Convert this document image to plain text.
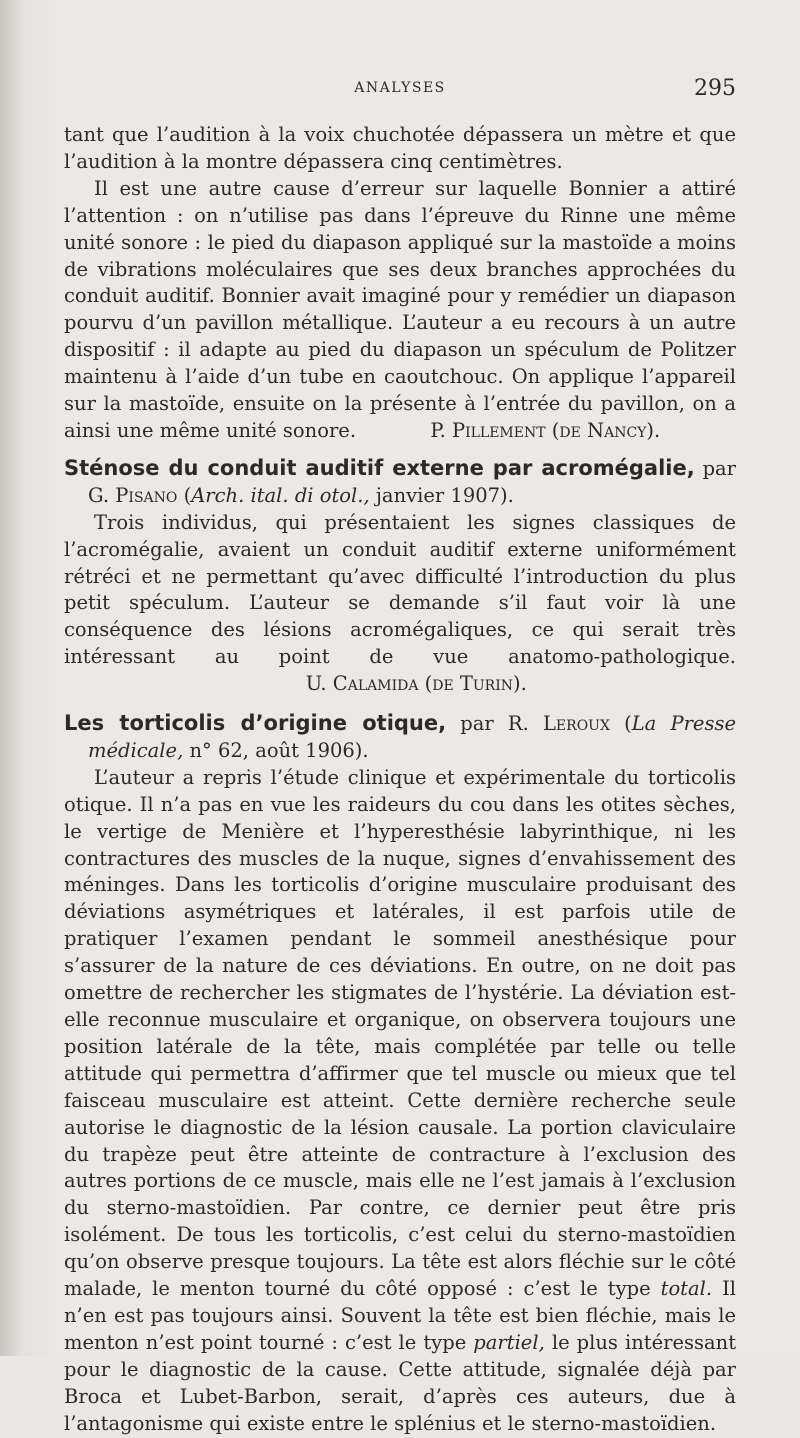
ANALYSES	295

tant que l’audition à la voix chuchotée dépassera un mètre et que l’audition à la montre dépassera cinq centimètres.

Il est une autre cause d’erreur sur laquelle Bonnier a attiré l’attention : on n’utilise pas dans l’épreuve du Rinne une même unité sonore : le pied du diapason appliqué sur la mastoïde a moins de vibrations moléculaires que ses deux branches approchées du conduit auditif. Bonnier avait imaginé pour y remédier un diapason pourvu d’un pavillon métallique. L’auteur a eu recours à un autre dispositif : il adapte au pied du diapason un spéculum de Politzer maintenu à l’aide d’un tube en caoutchouc. On applique l’appareil sur la mastoïde, ensuite on la présente à l’entrée du pavillon, on a ainsi une même unité sonore.	P. Pillement (de Nancy).

Sténose du conduit auditif externe par acromégalie, par G. Pisano (Arch. ital. di otol., janvier 1907).

Trois individus, qui présentaient les signes classiques de l’acromégalie, avaient un conduit auditif externe uniformément rétréci et ne permettant qu’avec difficulté l’introduction du plus petit spéculum. L’auteur se demande s’il faut voir là une conséquence des lésions acromégaliques, ce qui serait très intéressant au point de vue anatomo-pathologique.                                        U. Calamida (de Turin).

Les torticolis d’origine otique, par R. Leroux (La Presse médicale, n° 62, août 1906).

L’auteur a repris l’étude clinique et expérimentale du torticolis otique. Il n’a pas en vue les raideurs du cou dans les otites sèches, le vertige de Menière et l’hyperesthésie labyrinthique, ni les contractures des muscles de la nuque, signes d’envahissement des méninges. Dans les torticolis d’origine musculaire produisant des déviations asymétriques et latérales, il est parfois utile de pratiquer l’examen pendant le sommeil anesthésique pour s’assurer de la nature de ces déviations. En outre, on ne doit pas omettre de rechercher les stigmates de l’hystérie. La déviation est-elle reconnue musculaire et organique, on observera toujours une position latérale de la tête, mais complétée par telle ou telle attitude qui permettra d’affirmer que tel muscle ou mieux que tel faisceau musculaire est atteint. Cette dernière recherche seule autorise le diagnostic de la lésion causale. La portion claviculaire du trapèze peut être atteinte de contracture à l’exclusion des autres portions de ce muscle, mais elle ne l’est jamais à l’exclusion du sterno-mastoïdien. Par contre, ce dernier peut être pris isolément. De tous les torticolis, c’est celui du sterno-mastoïdien qu’on observe presque toujours. La tête est alors fléchie sur le côté malade, le menton tourné du côté opposé : c’est le type total. Il n’en est pas toujours ainsi. Souvent la tête est bien fléchie, mais le menton n’est point tourné : c’est le type partiel, le plus intéressant pour le diagnostic de la cause. Cette attitude, signalée déjà par Broca et Lubet-Barbon, serait, d’après ces auteurs, due à l’antagonisme qui existe entre le splénius et le sterno-mastoïdien.
